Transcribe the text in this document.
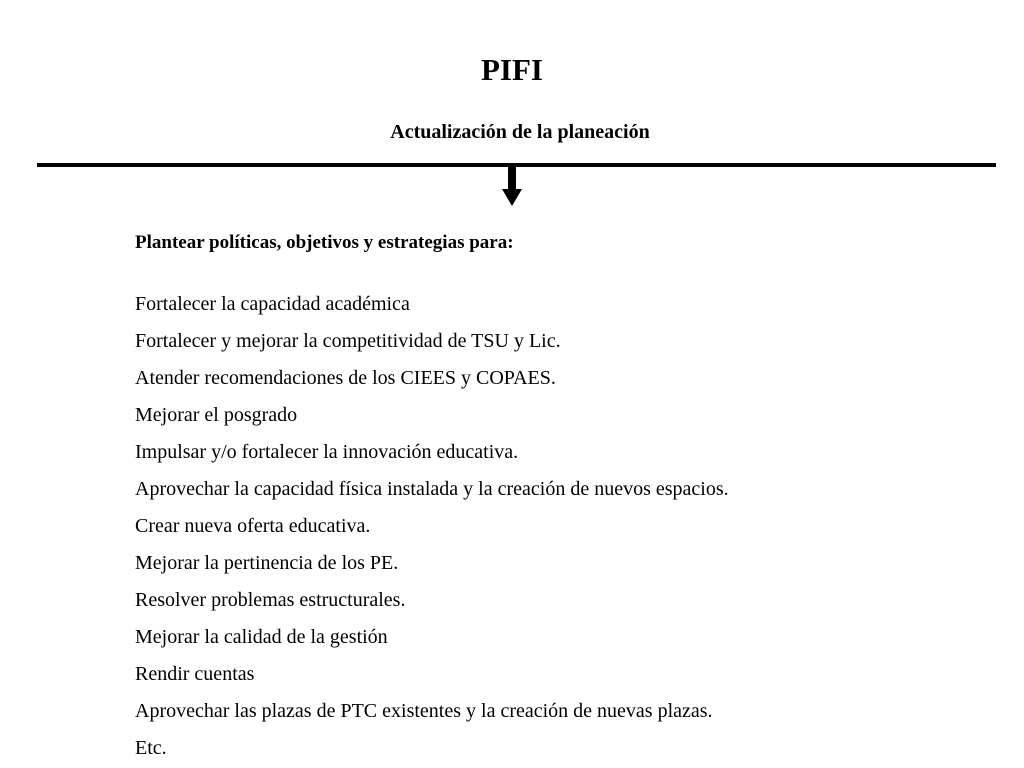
PIFI
Actualización de la planeación
Plantear políticas, objetivos y estrategias para:
Fortalecer la capacidad académica
Fortalecer y mejorar la competitividad de TSU y Lic.
Atender recomendaciones de los CIEES y COPAES.
Mejorar el posgrado
Impulsar y/o fortalecer la innovación educativa.
Aprovechar la capacidad física instalada y la creación de nuevos espacios.
Crear nueva oferta educativa.
Mejorar la pertinencia de los PE.
Resolver problemas estructurales.
Mejorar la calidad de la gestión
Rendir cuentas
Aprovechar las plazas de PTC existentes y la creación de nuevas plazas.
Etc.
